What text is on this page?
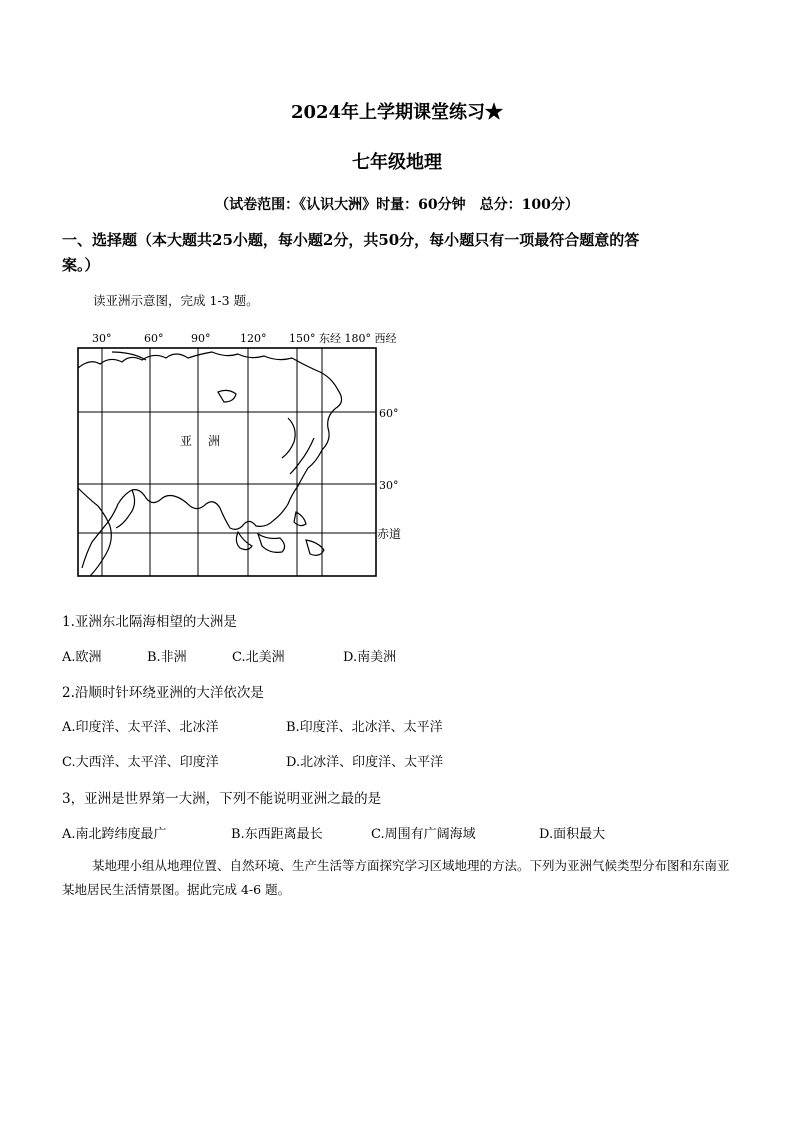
2024年上学期课堂练习★
七年级地理
（试卷范围：《认识大洲》时量：60分钟　总分：100分）
一、选择题（本大题共25小题，每小题2分，共50分，每小题只有一项最符合题意的答
案。）
读亚洲示意图，完成 1-3 题。
30°	60°	90°	120° 150° 东经 180° 西经
60°
30°
赤道
亚　洲
1.亚洲东北隔海相望的大洲是
A.欧洲	B.非洲	C.北美洲	D.南美洲
2.沿顺时针环绕亚洲的大洋依次是
A.印度洋、太平洋、北冰洋	B.印度洋、北冰洋、太平洋
C.大西洋、太平洋、印度洋	D.北冰洋、印度洋、太平洋
3，亚洲是世界第一大洲，下列不能说明亚洲之最的是
A.南北跨纬度最广	B.东西距离最长	C.周围有广阔海域	D.面积最大
某地理小组从地理位置、自然环境、生产生活等方面探究学习区域地理的方法。下列为亚洲气候类型分布图和东南亚某地居民生活情景图。据此完成 4-6 题。
